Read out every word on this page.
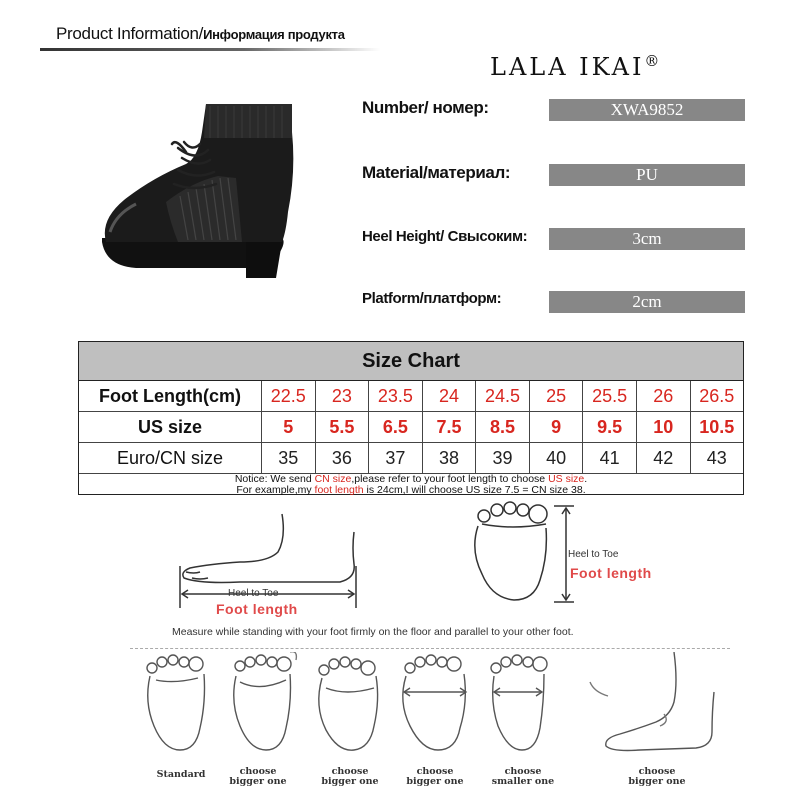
Product Information/Информация продукта
LALA IKAI®
Number/ номер:	XWA9852
Material/материал:	PU
Heel Height/ Свысоким:	3cm
Platform/платформ:	2cm
Size Chart
Foot Length(cm)	22.5	23	23.5	24	24.5	25	25.5	26	26.5
US size	5	5.5	6.5	7.5	8.5	9	9.5	10	10.5
Euro/CN size	35	36	37	38	39	40	41	42	43
Notice: We send CN size,please refer to your foot length to choose US size.
For example,my foot length is 24cm,I will choose US size 7.5 = CN size 38.
Heel to Toe
Foot length
Heel to Toe
Foot length
Measure while standing with your foot firmly on the floor and parallel to your other foot.
Standard	choose
bigger one
choose
bigger one
choose
bigger one
choose
smaller one
choose
bigger one
